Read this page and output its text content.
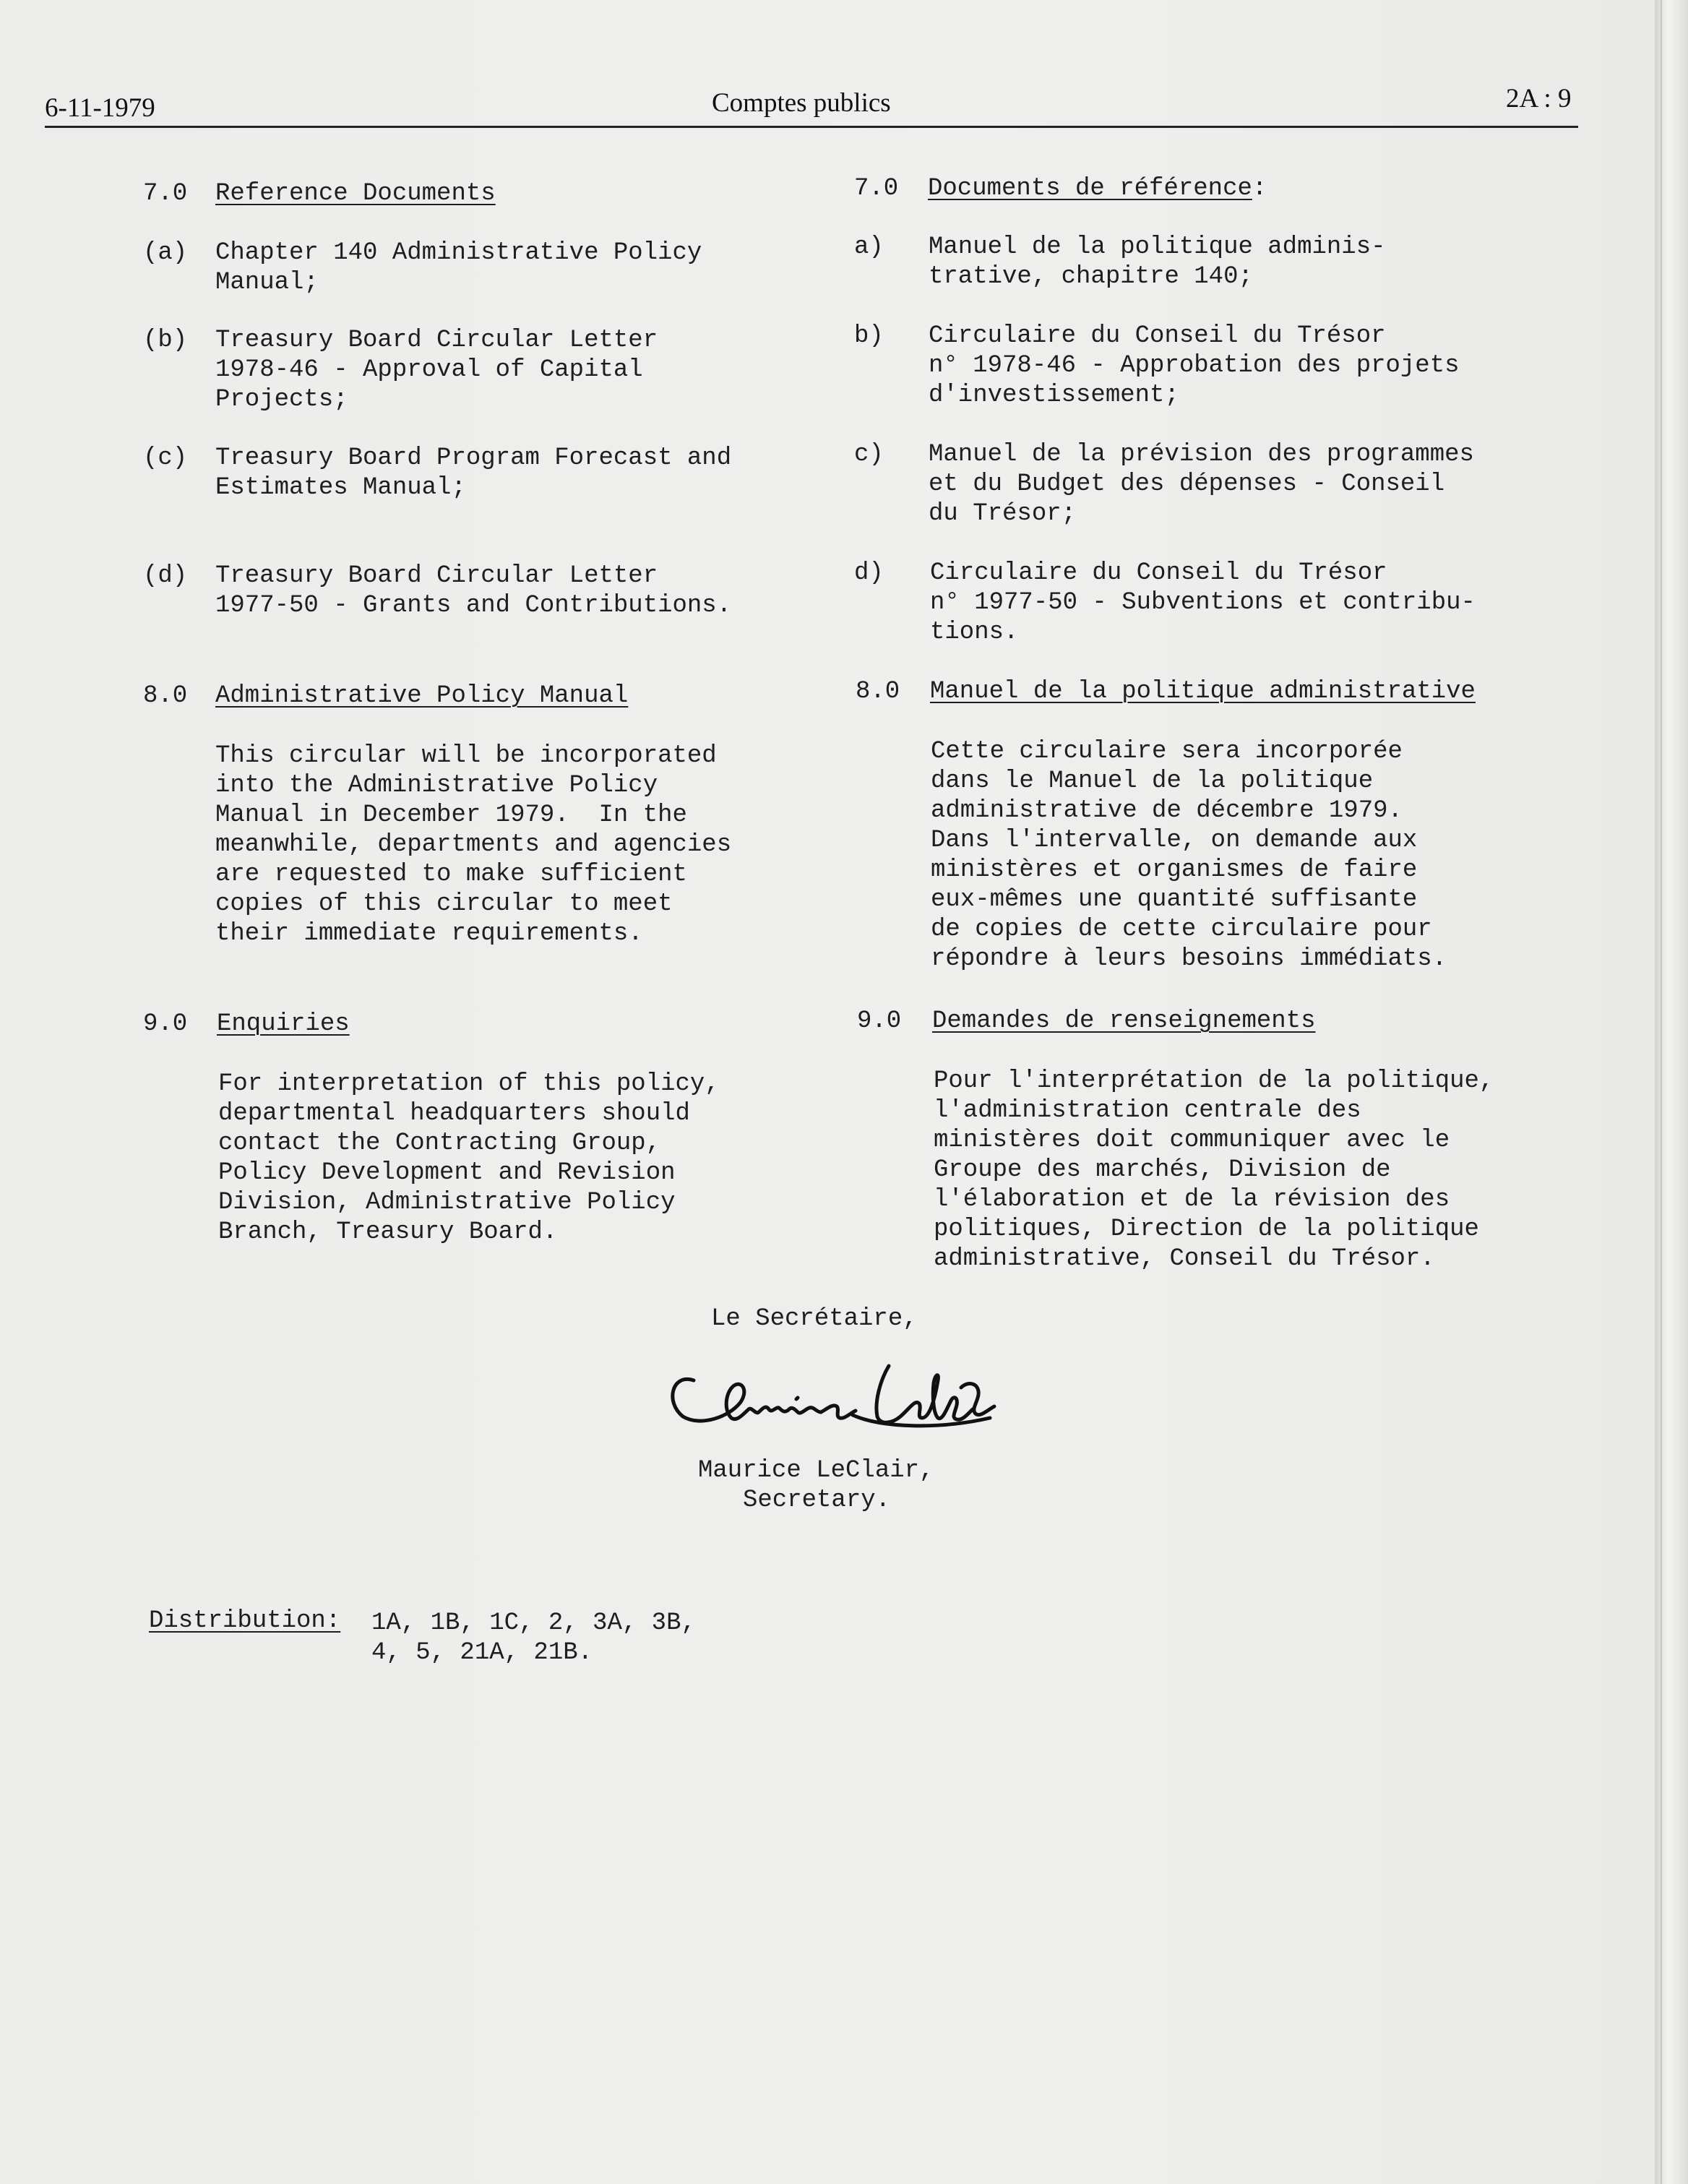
6-11-1979	Comptes publics	2A : 9
7.0 Reference Documents
(a) Chapter 140 Administrative Policy
Manual;
(b) Treasury Board Circular Letter
1978-46 - Approval of Capital
Projects;
(c) Treasury Board Program Forecast and
Estimates Manual;
(d) Treasury Board Circular Letter
1977-50 - Grants and Contributions.
8.0 Administrative Policy Manual
This circular will be incorporated
into the Administrative Policy
Manual in December 1979.  In the
meanwhile, departments and agencies
are requested to make sufficient
copies of this circular to meet
their immediate requirements.
9.0 Enquiries
For interpretation of this policy,
departmental headquarters should
contact the Contracting Group,
Policy Development and Revision
Division, Administrative Policy
Branch, Treasury Board.
7.0 Documents de référence:
a) Manuel de la politique adminis-
trative, chapitre 140;
b) Circulaire du Conseil du Trésor
n° 1978-46 - Approbation des projets
d'investissement;
c) Manuel de la prévision des programmes
et du Budget des dépenses - Conseil
du Trésor;
d) Circulaire du Conseil du Trésor
n° 1977-50 - Subventions et contribu-
tions.
8.0 Manuel de la politique administrative
Cette circulaire sera incorporée
dans le Manuel de la politique
administrative de décembre 1979.
Dans l'intervalle, on demande aux
ministères et organismes de faire
eux-mêmes une quantité suffisante
de copies de cette circulaire pour
répondre à leurs besoins immédiats.
9.0 Demandes de renseignements
Pour l'interprétation de la politique,
l'administration centrale des
ministères doit communiquer avec le
Groupe des marchés, Division de
l'élaboration et de la révision des
politiques, Direction de la politique
administrative, Conseil du Trésor.
Le Secrétaire,
Maurice LeClair,
Secretary.
Distribution: 1A, 1B, 1C, 2, 3A, 3B,
4, 5, 21A, 21B.
